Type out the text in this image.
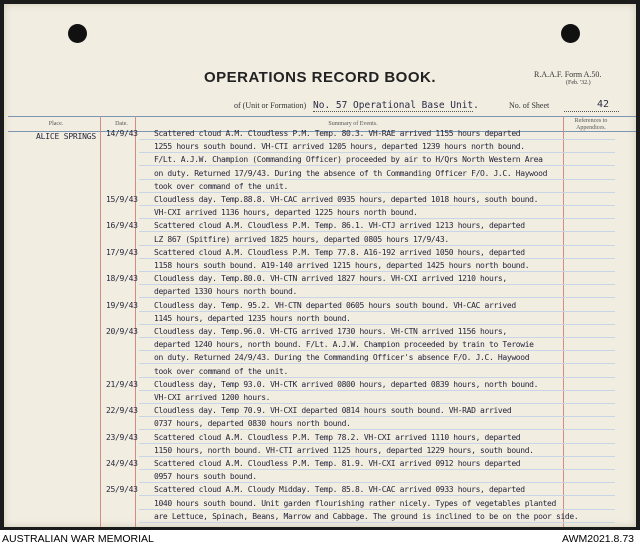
OPERATIONS RECORD BOOK.	R.A.A.F. Form A.50.
(Feb. '32.)
of (Unit or Formation) No. 57 Operational Base Unit.	No. of Sheet	42
Place.	Date.	Summary of Events.	References to
Appendices.
ALICE SPRINGS 14/9/43 Scattered cloud A.M. Cloudless P.M. Temp. 80.3. VH-RAE arrived 1155 hours departed
1255 hours south bound. VH-CTI arrived 1205 hours, departed 1239 hours north bound.
F/Lt. A.J.W. Champion (Commanding Officer) proceeded by air to H/Qrs North Western Area
on duty. Returned 17/9/43. During the absence of th Commanding Officer F/O. J.C. Haywood
took over command of the unit.
15/9/43 Cloudless day. Temp.88.8. VH-CAC arrived 0935 hours, departed 1018 hours, south bound.
VH-CXI arrived 1136 hours, departed 1225 hours north bound.
16/9/43 Scattered cloud A.M. Cloudless P.M. Temp. 86.1. VH-CTJ arrived 1213 hours, departed
LZ 867 (Spitfire) arrived 1825 hours, departed 0805 hours 17/9/43.
17/9/43 Scattered cloud A.M. Cloudless P.M. Temp 77.8. A16-192 arrived 1050 hours, departed
1158 hours south bound. A19-140 arrived 1215 hours, departed 1425 hours north bound.
18/9/43 Cloudless day. Temp.80.0. VH-CTN arrived 1827 hours. VH-CXI arrived 1210 hours,
departed 1330 hours north bound.
19/9/43 Cloudless day. Temp. 95.2. VH-CTN departed 0605 hours south bound. VH-CAC arrived
1145 hours, departed 1235 hours north bound.
20/9/43 Cloudless day. Temp.96.0. VH-CTG arrived 1730 hours. VH-CTN arrived 1156 hours,
departed 1240 hours, north bound. F/Lt. A.J.W. Champion proceeded by train to Terowie
on duty. Returned 24/9/43. During the Commanding Officer's absence F/O. J.C. Haywood
took over command of the unit.
21/9/43 Cloudless day, Temp 93.0. VH-CTK arrived 0800 hours, departed 0839 hours, north bound.
VH-CXI arrived 1200 hours.
22/9/43 Cloudless day. Temp 70.9. VH-CXI departed 0814 hours south bound. VH-RAD arrived
0737 hours, departed 0830 hours north bound.
23/9/43 Scattered cloud A.M. Cloudless P.M. Temp 78.2. VH-CXI arrived 1110 hours, departed
1150 hours, north bound. VH-CTI arrived 1125 hours, departed 1229 hours, south bound.
24/9/43 Scattered cloud A.M. Cloudless P.M. Temp. 81.9. VH-CXI arrived 0912 hours departed
0957 hours south bound.
25/9/43 Scattered cloud A.M. Cloudy Midday. Temp. 85.8. VH-CAC arrived 0933 hours, departed
1040 hours south bound. Unit garden flourishing rather nicely. Types of vegetables planted
are Lettuce, Spinach, Beans, Marrow and Cabbage. The ground is inclined to be on the poor side.
AUSTRALIAN WAR MEMORIAL	AWM2021.8.73
